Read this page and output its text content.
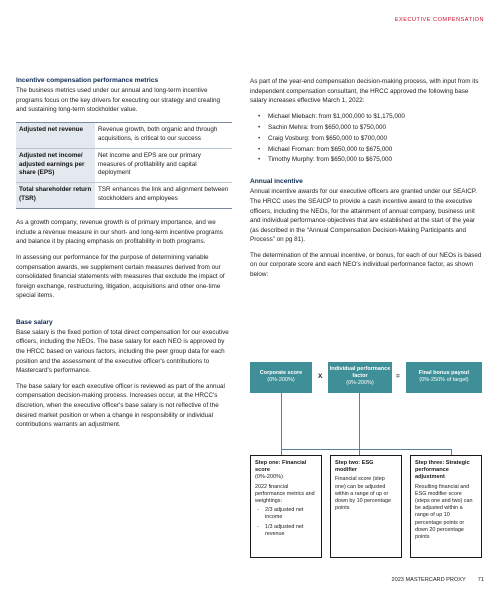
EXECUTIVE COMPENSATION
Incentive compensation performance metrics

The business metrics used under our annual and long-term incentive programs focus on the key drivers for executing our strategy and creating and sustaining long-term stockholder value.

Adjusted net revenue	Revenue growth, both organic and through acquisitions, is critical to our success
Adjusted net income/ adjusted earnings per share (EPS)	Net income and EPS are our primary measures of profitability and capital deployment
Total shareholder return (TSR)	TSR enhances the link and alignment between stockholders and employees

As a growth company, revenue growth is of primary importance, and we include a revenue measure in our short- and long-term incentive programs and balance it by placing emphasis on profitability in both programs.

In assessing our performance for the purpose of determining variable compensation awards, we supplement certain measures derived from our consolidated financial statements with measures that exclude the impact of foreign exchange, restructuring, litigation, acquisitions and other one-time special items.

Base salary

Base salary is the fixed portion of total direct compensation for our executive officers, including the NEOs. The base salary for each NEO is approved by the HRCC based on various factors, including the peer group data for each position and the assessment of the executive officer's contributions to Mastercard's performance.

The base salary for each executive officer is reviewed as part of the annual compensation decision-making process. Increases occur, at the HRCC's discretion, when the executive officer's base salary is not reflective of the desired market position or when a change in responsibility or individual contributions warrants an adjustment.

As part of the year-end compensation decision-making process, with input from its independent compensation consultant, the HRCC approved the following base salary increases effective March 1, 2022:

• Michael Miebach: from $1,000,000 to $1,175,000
• Sachin Mehra: from $650,000 to $750,000
• Craig Vosburg: from $650,000 to $700,000
• Michael Froman: from $650,000 to $675,000
• Timothy Murphy: from $650,000 to $675,000
Annual incentive

Annual incentive awards for our executive officers are granted under our SEAICP. The HRCC uses the SEAICP to provide a cash incentive award to the executive officers, including the NEOs, for the attainment of annual company, business unit and individual performance objectives that are established at the start of the year (as described in the “Annual Compensation Decision-Making Participants and Process” on pg 81).

The determination of the annual incentive, or bonus, for each of our NEOs is based on our corporate score and each NEO's individual performance factor, as shown below:

Corporate score
(0%-200%)	X
Individual performance factor
(0%-200%)
=	Final bonus payout
(0%-250% of target)
Step one: Financial score
(0%-200%)
2022 financial performance metrics and weightings:
- 2/3 adjusted net income
- 1/3 adjusted net revenue
Step two: ESG modifier
Financial score (step one) can be adjusted within a range of up or down by 10 percentage points
Step three: Strategic performance adjustment
Resulting financial and ESG modifier score (steps one and two) can be adjusted within a range of up 10 percentage points or down 20 percentage points
2023 MASTERCARD PROXY 71
